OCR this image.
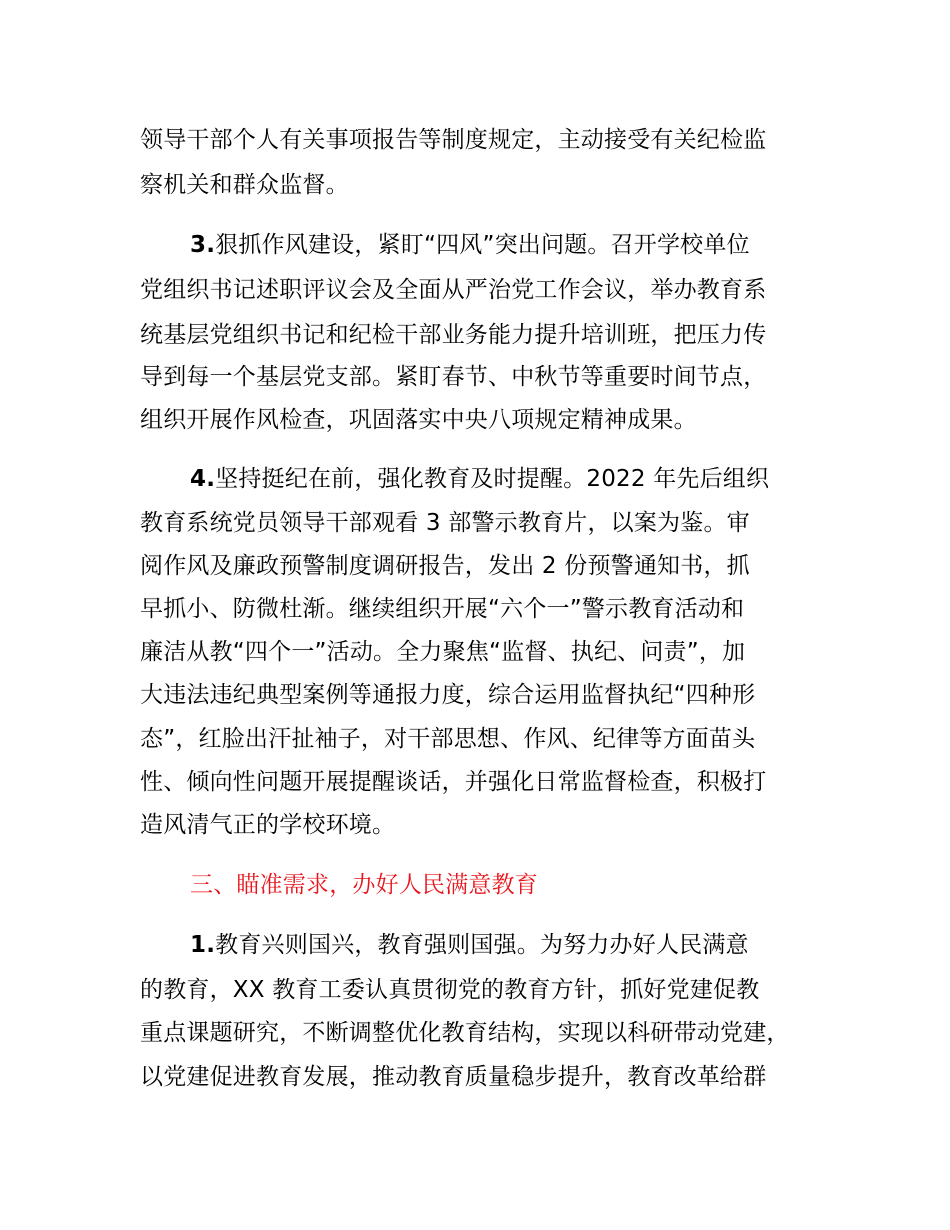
领导干部个人有关事项报告等制度规定，主动接受有关纪检监
察机关和群众监督。
3.狠抓作风建设，紧盯“四风”突出问题。召开学校单位
党组织书记述职评议会及全面从严治党工作会议，举办教育系
统基层党组织书记和纪检干部业务能力提升培训班，把压力传
导到每一个基层党支部。紧盯春节、中秋节等重要时间节点，
组织开展作风检查，巩固落实中央八项规定精神成果。
4.坚持挺纪在前，强化教育及时提醒。2022 年先后组织
教育系统党员领导干部观看 3 部警示教育片，以案为鉴。审
阅作风及廉政预警制度调研报告，发出 2 份预警通知书，抓
早抓小、防微杜渐。继续组织开展“六个一”警示教育活动和
廉洁从教“四个一”活动。全力聚焦“监督、执纪、问责”，加
大违法违纪典型案例等通报力度，综合运用监督执纪“四种形
态”，红脸出汗扯袖子，对干部思想、作风、纪律等方面苗头
性、倾向性问题开展提醒谈话，并强化日常监督检查，积极打
造风清气正的学校环境。
三、瞄准需求，办好人民满意教育
1.教育兴则国兴，教育强则国强。为努力办好人民满意
的教育，XX 教育工委认真贯彻党的教育方针，抓好党建促教
重点课题研究，不断调整优化教育结构，实现以科研带动党建，
以党建促进教育发展，推动教育质量稳步提升，教育改革给群
